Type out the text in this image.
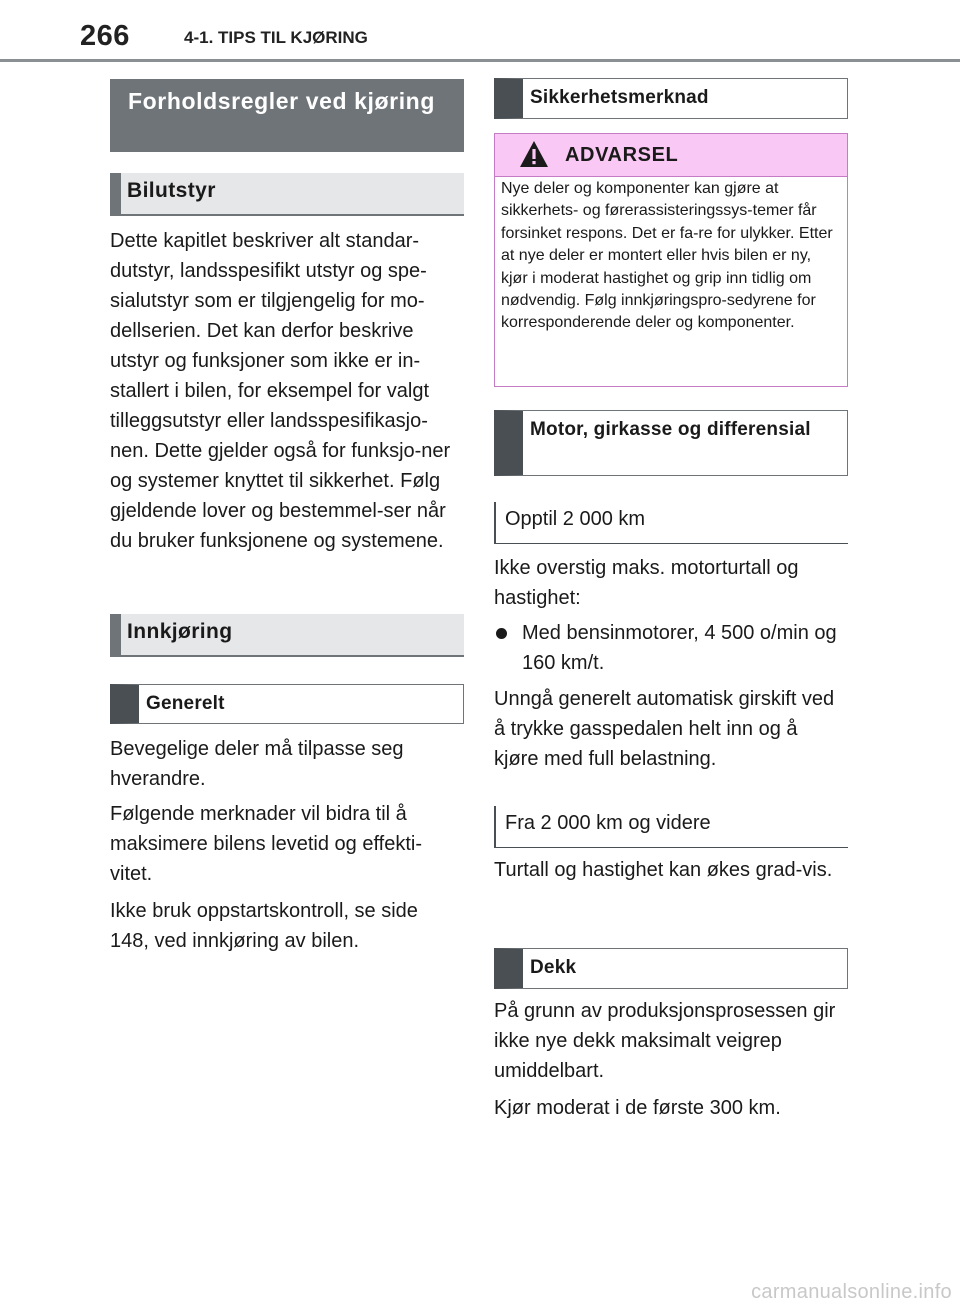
266	4-1. TIPS TIL KJØRING
Forholdsregler ved kjøring
Bilutstyr

Dette kapitlet beskriver alt standar-dutstyr, landsspesifikt utstyr og spe-sialutstyr som er tilgjengelig for mo-dellserien. Det kan derfor beskrive utstyr og funksjoner som ikke er in-stallert i bilen, for eksempel for valgt tilleggsutstyr eller landsspesifikasjo-nen. Dette gjelder også for funksjo-ner og systemer knyttet til sikkerhet. Følg gjeldende lover og bestemmel-ser når du bruker funksjonene og systemene.

Innkjøring
Generelt

Bevegelige deler må tilpasse seg hverandre.

Følgende merknader vil bidra til å maksimere bilens levetid og effekti-vitet.

Ikke bruk oppstartskontroll, se side 148, ved innkjøring av bilen.

Sikkerhetsmerknad
ADVARSEL
Nye deler og komponenter kan gjøre at sikkerhets- og førerassisteringssys-temer får forsinket respons. Det er fa-re for ulykker. Etter at nye deler er montert eller hvis bilen er ny, kjør i moderat hastighet og grip inn tidlig om nødvendig. Følg innkjøringspro-sedyrene for korresponderende deler og komponenter.
Motor, girkasse og differensial
Opptil 2 000 km

Ikke overstig maks. motorturtall og hastighet:

Med bensinmotorer, 4 500 o/min og 160 km/t.

Unngå generelt automatisk girskift ved å trykke gasspedalen helt inn og å kjøre med full belastning.

Fra 2 000 km og videre

Turtall og hastighet kan økes grad-vis.

Dekk

På grunn av produksjonsprosessen gir ikke nye dekk maksimalt veigrep umiddelbart.

Kjør moderat i de første 300 km.

carmanualsonline.info
